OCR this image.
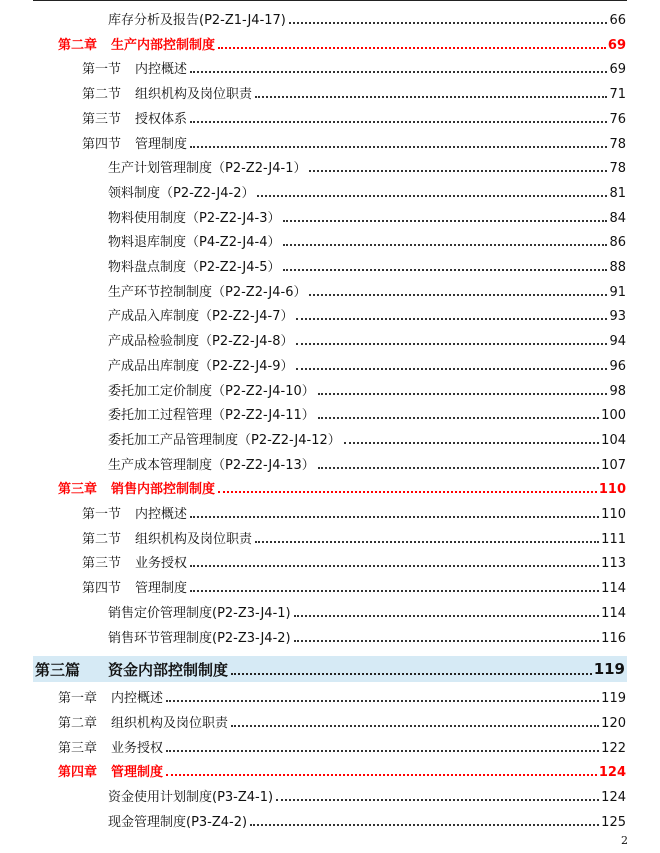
库存分析及报告(P2-Z1-J4-17)	66
第二章 生产内部控制制度	69
第一节 内控概述	69
第二节 组织机构及岗位职责	71
第三节 授权体系	76
第四节 管理制度	78
生产计划管理制度（P2-Z2-J4-1）	78
领料制度（P2-Z2-J4-2）	81
物料使用制度（P2-Z2-J4-3）	84
物料退库制度（P4-Z2-J4-4）	86
物料盘点制度（P2-Z2-J4-5）	88
生产环节控制制度（P2-Z2-J4-6）	91
产成品入库制度（P2-Z2-J4-7）	93
产成品检验制度（P2-Z2-J4-8）	94
产成品出库制度（P2-Z2-J4-9）	96
委托加工定价制度（P2-Z2-J4-10）	98
委托加工过程管理（P2-Z2-J4-11）	100
委托加工产品管理制度（P2-Z2-J4-12）	104
生产成本管理制度（P2-Z2-J4-13）	107
第三章 销售内部控制制度	110
第一节 内控概述	110
第二节 组织机构及岗位职责	111
第三节 业务授权	113
第四节 管理制度	114
销售定价管理制度(P2-Z3-J4-1)	114
销售环节管理制度(P2-Z3-J4-2)	116
第三篇 资金内部控制制度	119
第一章 内控概述	119
第二章 组织机构及岗位职责	120
第三章 业务授权	122
第四章 管理制度	124
资金使用计划制度(P3-Z4-1)	124
现金管理制度(P3-Z4-2)	125
2
